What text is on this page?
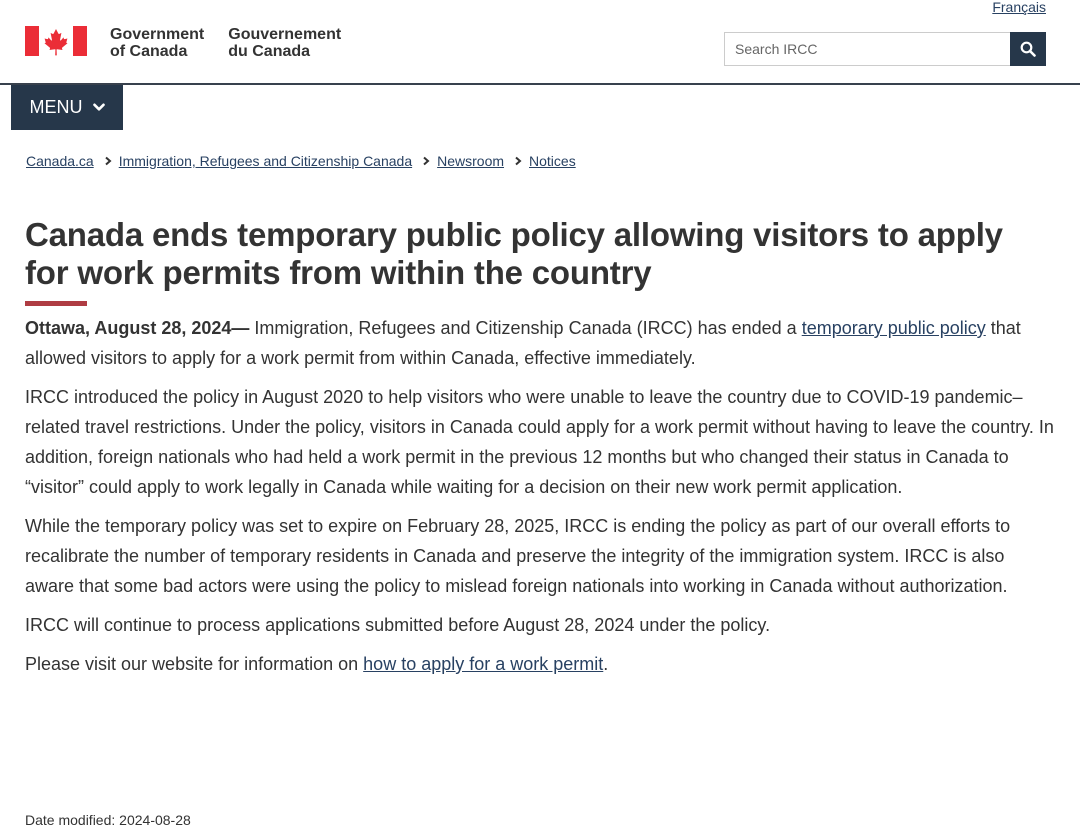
Français
Government
of Canada
Gouvernement
du Canada
Search IRCC
MENU
Canada.ca Immigration, Refugees and Citizenship Canada Newsroom Notices
Canada ends temporary public policy allowing visitors to apply for work permits from within the country

Ottawa, August 28, 2024— Immigration, Refugees and Citizenship Canada (IRCC) has ended a temporary public policy that allowed visitors to apply for a work permit from within Canada, effective immediately.

IRCC introduced the policy in August 2020 to help visitors who were unable to leave the country due to COVID-19 pandemic–related travel restrictions. Under the policy, visitors in Canada could apply for a work permit without having to leave the country. In addition, foreign nationals who had held a work permit in the previous 12 months but who changed their status in Canada to “visitor” could apply to work legally in Canada while waiting for a decision on their new work permit application.

While the temporary policy was set to expire on February 28, 2025, IRCC is ending the policy as part of our overall efforts to recalibrate the number of temporary residents in Canada and preserve the integrity of the immigration system. IRCC is also aware that some bad actors were using the policy to mislead foreign nationals into working in Canada without authorization.

IRCC will continue to process applications submitted before August 28, 2024 under the policy.

Please visit our website for information on how to apply for a work permit.

Date modified: 2024-08-28
